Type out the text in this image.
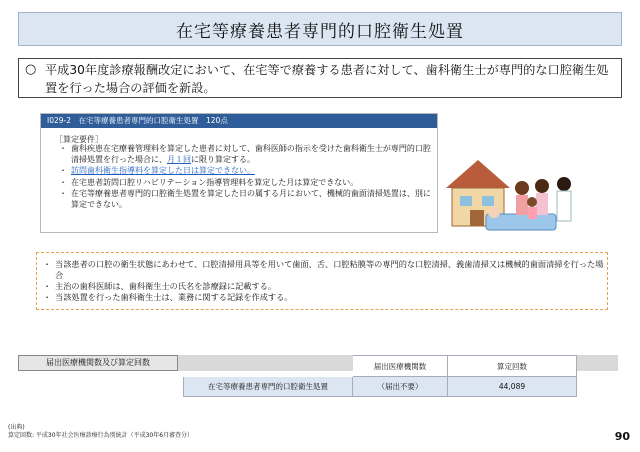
在宅等療養患者専門的口腔衛生処置
○ 平成30年度診療報酬改定において、在宅等で療養する患者に対して、歯科衛生士が専門的な口腔衛生処置を行った場合の評価を新設。
I029-2　在宅等療養患者専門的口腔衛生処置　120点
［算定要件］
・ 歯科疾患在宅療養管理料を算定した患者に対して、歯科医師の指示を受けた歯科衛生士が専門的口腔清掃処置を行った場合に、月１回に限り算定する。
・ 訪問歯科衛生指導料を算定した日は算定できない。
・ 在宅患者訪問口腔リハビリテーション指導管理料を算定した月は算定できない。
・ 在宅等療養患者専門的口腔衛生処置を算定した日の属する月において、機械的歯面清掃処置は、別に算定できない。
・ 当該患者の口腔の衛生状態にあわせて、口腔清掃用具等を用いて歯面、舌、口腔粘膜等の専門的な口腔清掃、義歯清掃又は機械的歯面清掃を行った場合
・ 主治の歯科医師は、歯科衛生士の氏名を診療録に記載する。
・ 当該処置を行った歯科衛生士は、業務に関する記録を作成する。
届出医療機関数及び算定回数
		届出医療機関数	算定回数
在宅等療養患者専門的口腔衛生処置	（届出不要）	44,089
(出典)
算定回数: 平成30年社会医療診療行為別統計（平成30年6月審査分）	90
